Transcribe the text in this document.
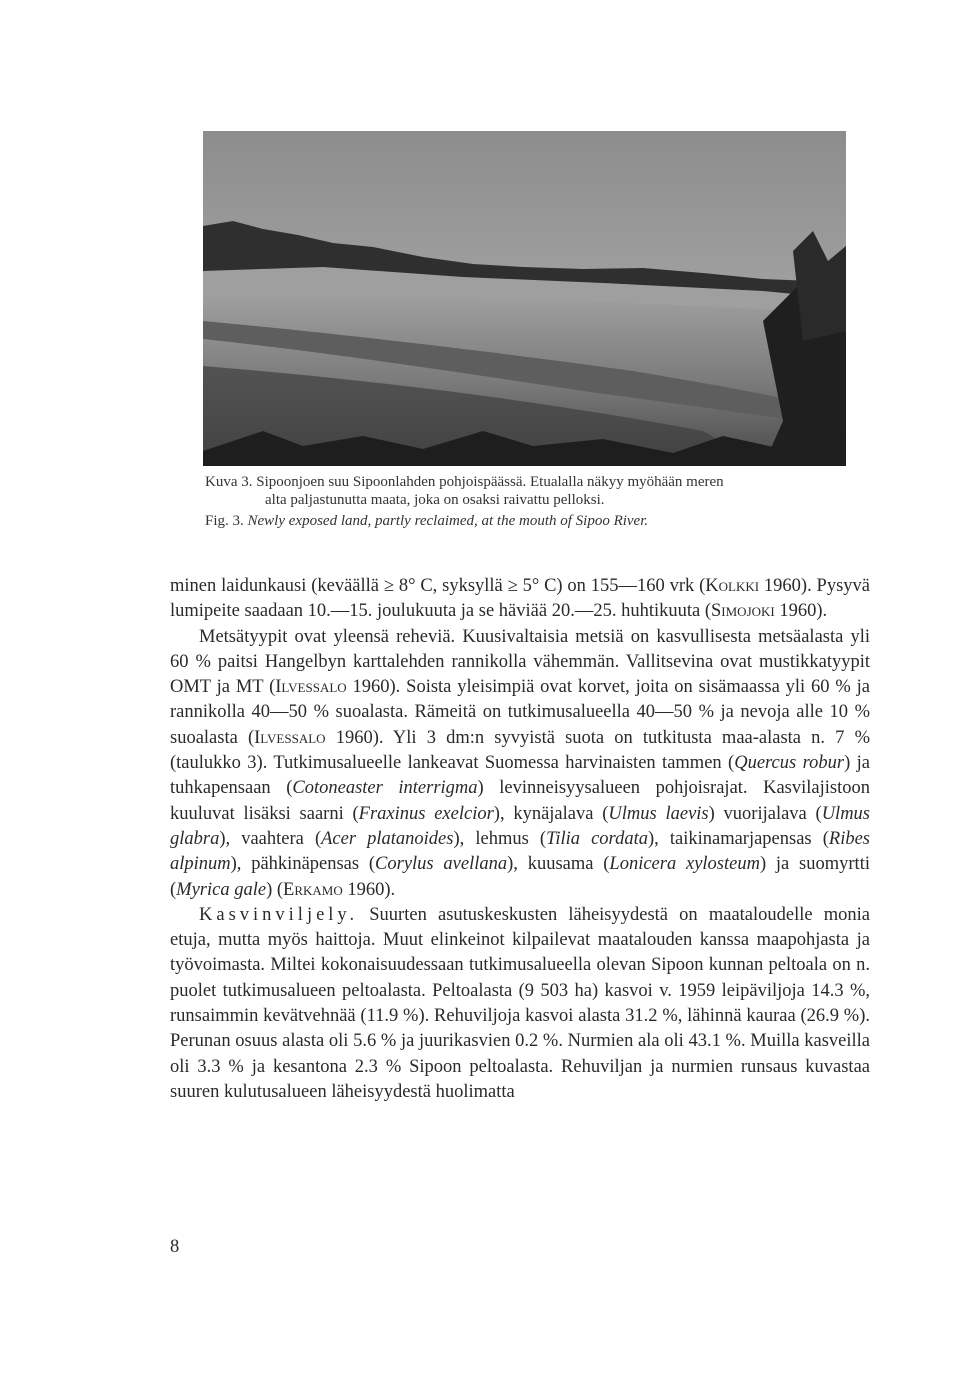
Kuva 3. Sipoonjoen suu Sipoonlahden pohjoispäässä. Etualalla näkyy myöhään meren
alta paljastunutta maata, joka on osaksi raivattu pelloksi.

Fig. 3. Newly exposed land, partly reclaimed, at the mouth of Sipoo River.

minen laidunkausi (keväällä ≥ 8° C, syksyllä ≥ 5° C) on 155—160 vrk (Kolkki 1960). Pysyvä lumipeite saadaan 10.—15. joulukuuta ja se häviää 20.—25. huhtikuuta (Simojoki 1960).

Metsätyypit ovat yleensä reheviä. Kuusivaltaisia metsiä on kasvullisesta metsäalasta yli 60 % paitsi Hangelbyn karttalehden rannikolla vähemmän. Vallitsevina ovat mustikkatyypit OMT ja MT (Ilvessalo 1960). Soista yleisimpiä ovat korvet, joita on sisämaassa yli 60 % ja rannikolla 40—50 % suoalasta. Rämeitä on tutkimusalueella 40—50 % ja nevoja alle 10 % suoalasta (Ilvessalo 1960). Yli 3 dm:n syvyistä suota on tutkitusta maa-alasta n. 7 % (taulukko 3). Tutkimusalueelle lankeavat Suomessa harvinaisten tammen (Quercus robur) ja tuhkapensaan (Cotoneaster interrigma) levinneisyysalueen pohjoisrajat. Kasvilajistoon kuuluvat lisäksi saarni (Fraxinus exelcior), kynäjalava (Ulmus laevis) vuorijalava (Ulmus glabra), vaahtera (Acer platanoides), lehmus (Tilia cordata), taikinamarjapensas (Ribes alpinum), pähkinäpensas (Corylus avellana), kuusama (Lonicera xylosteum) ja suomyrtti (Myrica gale) (Erkamo 1960).

Kasvinviljely. Suurten asutuskeskusten läheisyydestä on maataloudelle monia etuja, mutta myös haittoja. Muut elinkeinot kilpailevat maatalouden kanssa maapohjasta ja työvoimasta. Miltei kokonaisuudessaan tutkimusalueella olevan Sipoon kunnan peltoala on n. puolet tutkimusalueen peltoalasta. Peltoalasta (9 503 ha) kasvoi v. 1959 leipäviljoja 14.3 %, runsaimmin kevätvehnää (11.9 %). Rehuviljoja kasvoi alasta 31.2 %, lähinnä kauraa (26.9 %). Perunan osuus alasta oli 5.6 % ja juurikasvien 0.2 %. Nurmien ala oli 43.1 %. Muilla kasveilla oli 3.3 % ja kesantona 2.3 % Sipoon peltoalasta. Rehuviljan ja nurmien runsaus kuvastaa suuren kulutusalueen läheisyydestä huolimatta

8
